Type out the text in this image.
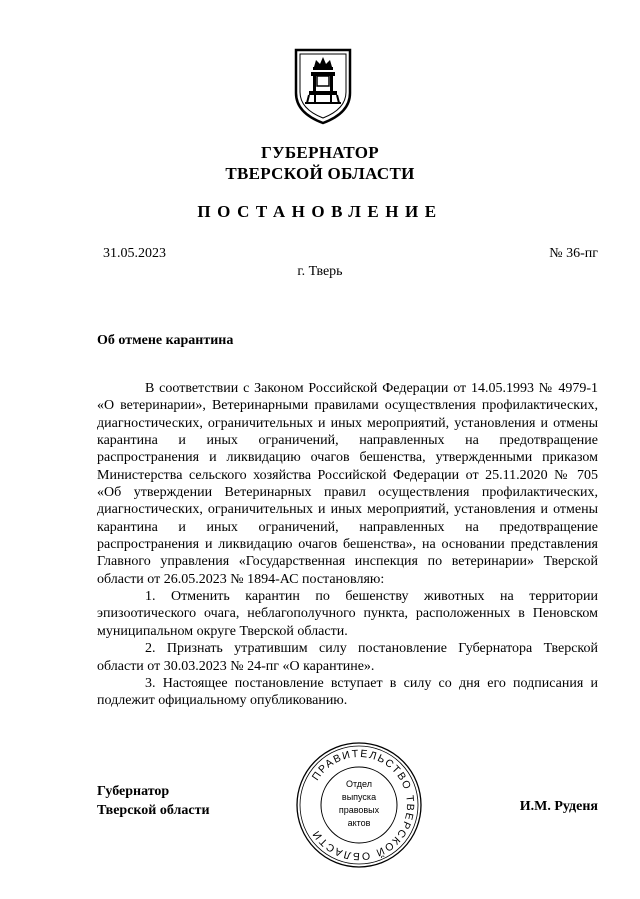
ГУБЕРНАТОР
ТВЕРСКОЙ ОБЛАСТИ
ПОСТАНОВЛЕНИЕ
31.05.2023	№ 36-пг
г. Тверь
Об отмене карантина

В соответствии с Законом Российской Федерации от 14.05.1993 № 4979-1 «О ветеринарии», Ветеринарными правилами осуществления профилактических, диагностических, ограничительных и иных мероприятий, установления и отмены карантина и иных ограничений, направленных на предотвращение распространения и ликвидацию очагов бешенства, утвержденными приказом Министерства сельского хозяйства Российской Федерации от 25.11.2020 № 705 «Об утверждении Ветеринарных правил осуществления профилактических, диагностических, ограничительных и иных мероприятий, установления и отмены карантина и иных ограничений, направленных на предотвращение распространения и ликвидацию очагов бешенства», на основании представления Главного управления «Государственная инспекция по ветеринарии» Тверской области от 26.05.2023 № 1894-АС постановляю:

1. Отменить карантин по бешенству животных на территории эпизоотического очага, неблагополучного пункта, расположенных в Пеновском муниципальном округе Тверской области.

2. Признать утратившим силу постановление Губернатора Тверской области от 30.03.2023 № 24-пг «О карантине».

3. Настоящее постановление вступает в силу со дня его подписания и подлежит официальному опубликованию.

Губернатор
Тверской области	И.М. Руденя
ПРАВИТЕЛЬСТВО ТВЕРСКОЙ ОБЛАСТИ
Отдел
выпуска
правовых
актов
